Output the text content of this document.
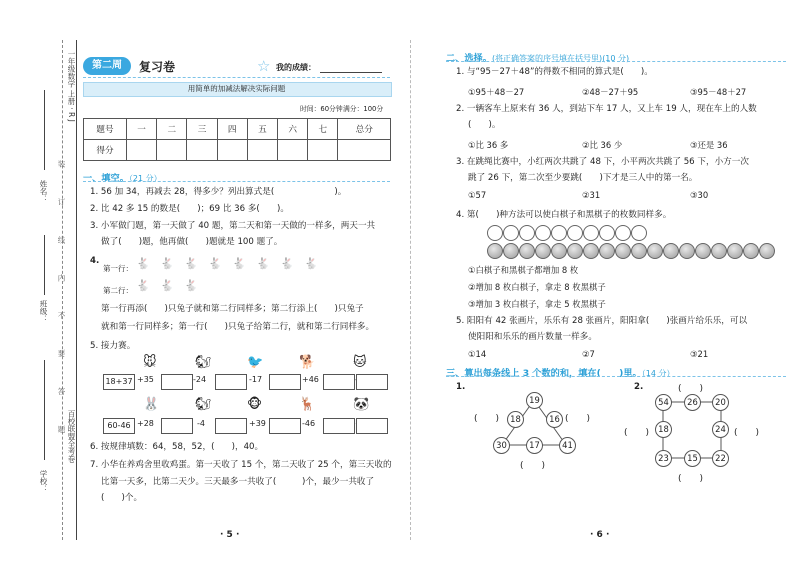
一年级数学 上册 · R J
百校联盟全考卷
装 订 线 内 不 要 答 题
姓名：
班级：
学校：
第二周	复习卷	☆ 我的成绩：
用简单的加减法解决实际问题
时间：60分钟 满分：100分
题号	一	二	三	四	五	六	七	总分
得分								
一、填空。（21 分）
1. 56 加 34，再减去 28，得多少？列出算式是(　　　　　　　)。
2. 比 42 多 15 的数是(　　)；69 比 36 多(　　)。
3. 小军做门题，第一天做了 40 题，第二天和第一天做的一样多，两天一共
做了(　　)题，他再做(　　)题就是 100 题了。
4.
第一行： 🐇 🐇 🐇 🐇 🐇 🐇 🐇 🐇
第二行： 🐇 🐇 🐇
第一行再添(　　)只兔子就和第二行同样多；第二行添上(　　)只兔子
就和第一行同样多；第一行(　　)只兔子给第二行，就和第二行同样多。
5. 接力赛。
18+37
🐭	🐿	🐦	🐕	🐱
+35	-24	-17	+46
60-46
🐰	🐿	🐵	🦌	🐼
+28	-4	+39	-46
6. 按规律填数：64，58，52，(　　)，40。
7. 小华在养鸡舍里收鸡蛋。第一天收了 15 个，第二天收了 25 个，第三天收的
比第一天多，比第二天少。三天最多一共收了(　　　)个，最少一共收了
(　　)个。
· 5 ·
二、选择。(将正确答案的序号填在括号里)(10 分)
1. 与“95－27＋48”的得数不相同的算式是(　　)。
①95＋48－27	②48－27＋95	③95－48＋27
2. 一辆客车上原来有 36 人，到站下车 17 人，又上车 19 人，现在车上的人数
(　　)。
①比 36 多	②比 36 少	③还是 36
3. 在跳绳比赛中，小红两次共跳了 48 下，小平两次共跳了 56 下，小方一次
跳了 26 下，第二次至少要跳(　　)下才是三人中的第一名。
①57	②31	③30
4. 第(　　)种方法可以使白棋子和黑棋子的枚数同样多。
①白棋子和黑棋子都增加 8 枚
②增加 8 枚白棋子，拿走 8 枚黑棋子
③增加 3 枚白棋子，拿走 5 枚黑棋子
5. 阳阳有 42 张画片，乐乐有 28 张画片，阳阳拿(　　)张画片给乐乐，可以
使阳阳和乐乐的画片数量一样多。
①14	②7	③21
三、算出每条线上 3 个数的和，填在(　　)里。（14 分）
1.
19
18	16
30	17	41
(　　)	(　　)
(　　)
2.
54	26	20
18	24
23	15	22
(　　)
(　　)	(　　)
(　　)
· 6 ·
